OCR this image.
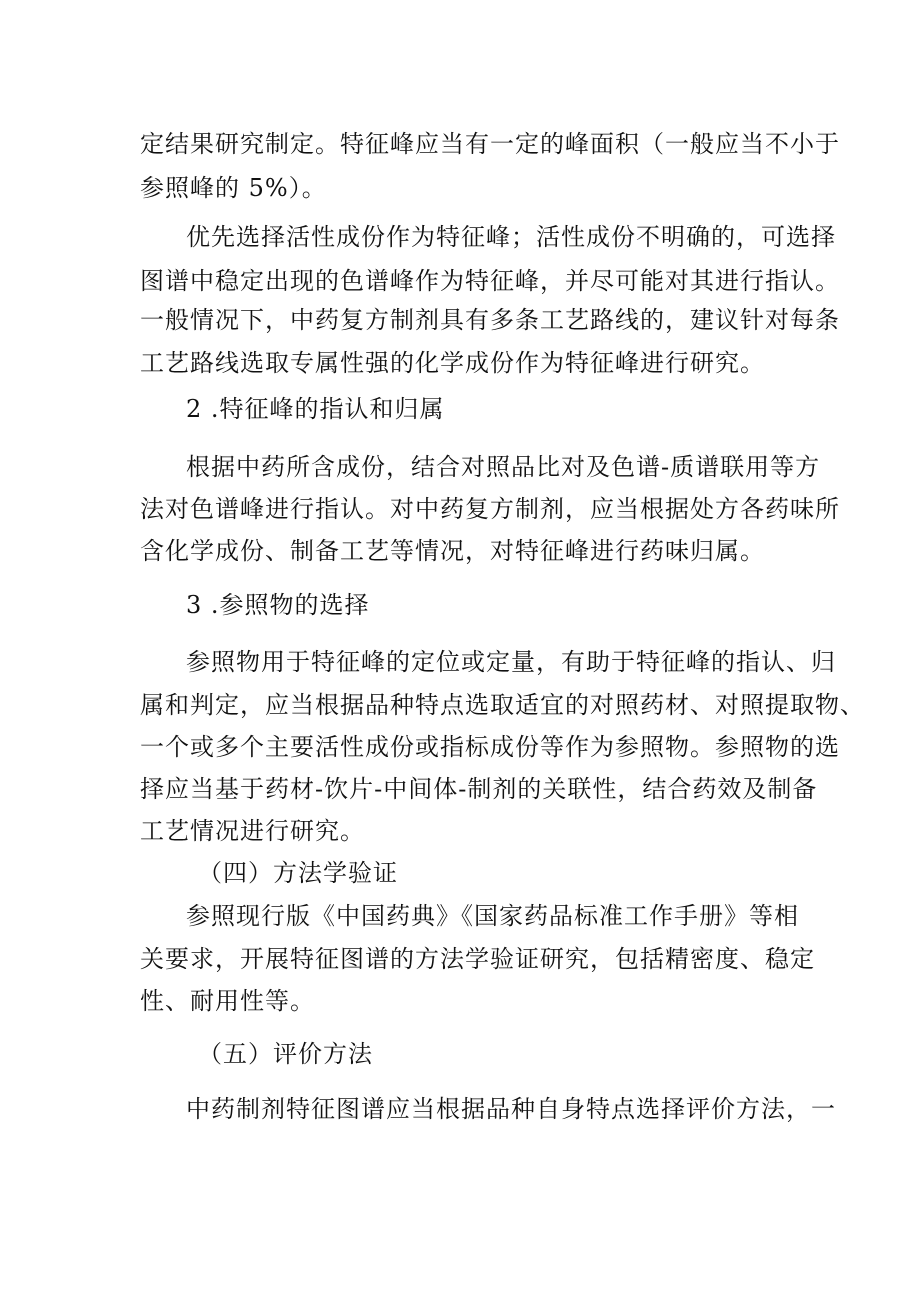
定结果研究制定。特征峰应当有一定的峰面积（一般应当不小于
参照峰的 5%）。
优先选择活性成份作为特征峰；活性成份不明确的，可选择
图谱中稳定出现的色谱峰作为特征峰，并尽可能对其进行指认。
一般情况下，中药复方制剂具有多条工艺路线的，建议针对每条
工艺路线选取专属性强的化学成份作为特征峰进行研究。
2 .特征峰的指认和归属
根据中药所含成份，结合对照品比对及色谱-质谱联用等方
法对色谱峰进行指认。对中药复方制剂，应当根据处方各药味所
含化学成份、制备工艺等情况，对特征峰进行药味归属。
3 .参照物的选择
参照物用于特征峰的定位或定量，有助于特征峰的指认、归
属和判定，应当根据品种特点选取适宜的对照药材、对照提取物、
一个或多个主要活性成份或指标成份等作为参照物。参照物的选
择应当基于药材-饮片-中间体-制剂的关联性，结合药效及制备
工艺情况进行研究。
（四）方法学验证
参照现行版《中国药典》《国家药品标准工作手册》等相
关要求，开展特征图谱的方法学验证研究，包括精密度、稳定
性、耐用性等。
（五）评价方法
中药制剂特征图谱应当根据品种自身特点选择评价方法，一
